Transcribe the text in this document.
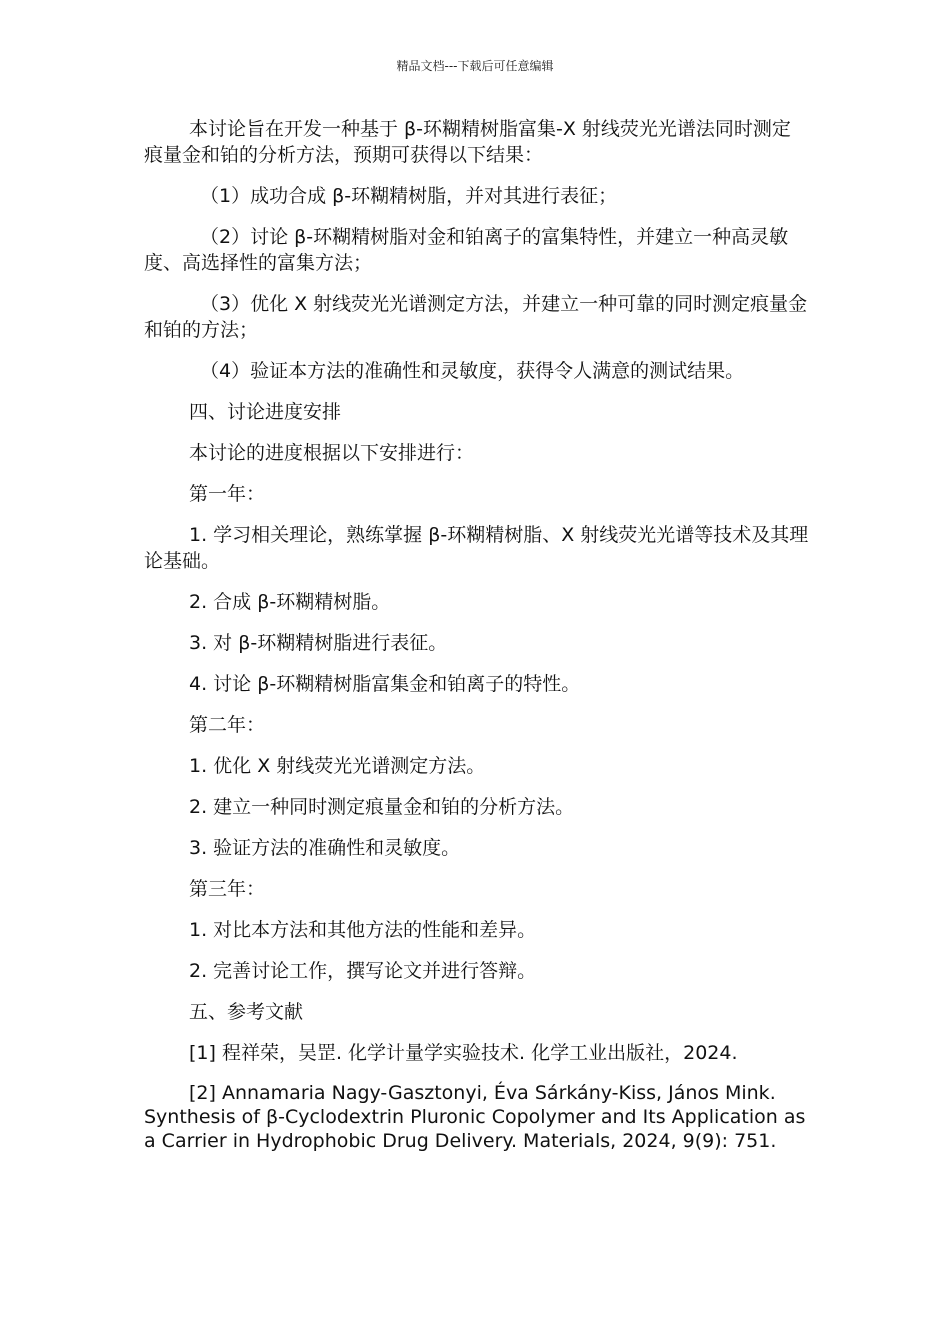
精品文档---下载后可任意编辑

本讨论旨在开发一种基于 β-环糊精树脂富集-X 射线荧光光谱法同时测定痕量金和铂的分析方法，预期可获得以下结果：

（1）成功合成 β-环糊精树脂，并对其进行表征；

（2）讨论 β-环糊精树脂对金和铂离子的富集特性，并建立一种高灵敏度、高选择性的富集方法；

（3）优化 X 射线荧光光谱测定方法，并建立一种可靠的同时测定痕量金和铂的方法；

（4）验证本方法的准确性和灵敏度，获得令人满意的测试结果。

四、讨论进度安排

本讨论的进度根据以下安排进行：

第一年：

1. 学习相关理论，熟练掌握 β-环糊精树脂、X 射线荧光光谱等技术及其理论基础。

2. 合成 β-环糊精树脂。

3. 对 β-环糊精树脂进行表征。

4. 讨论 β-环糊精树脂富集金和铂离子的特性。

第二年：

1. 优化 X 射线荧光光谱测定方法。

2. 建立一种同时测定痕量金和铂的分析方法。

3. 验证方法的准确性和灵敏度。

第三年：

1. 对比本方法和其他方法的性能和差异。

2. 完善讨论工作，撰写论文并进行答辩。

五、参考文献

[1] 程祥荣，吴罡. 化学计量学实验技术. 化学工业出版社，2024.

[2] Annamaria Nagy-Gasztonyi, Éva Sárkány-Kiss, János Mink. Synthesis of β-Cyclodextrin Pluronic Copolymer and Its Application as a Carrier in Hydrophobic Drug Delivery. Materials, 2024, 9(9): 751.
